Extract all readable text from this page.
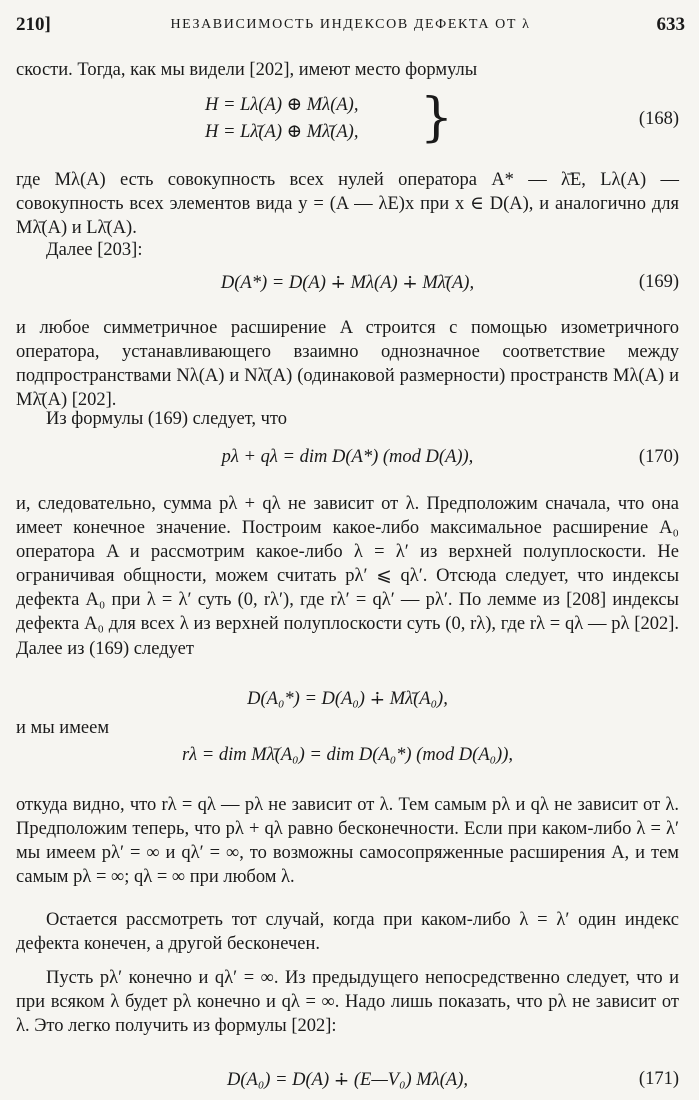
210]	НЕЗАВИСИМОСТЬ ИНДЕКСОВ ДЕФЕКТА ОТ λ	633

скости. Тогда, как мы видели [202], имеют место формулы

H = Lλ(A) ⊕ Mλ(A),
H = Lλ̄(A) ⊕ Mλ̄(A),	}	(168)

где Mλ(A) есть совокупность всех нулей оператора A* — λ̄E, Lλ(A) — совокупность всех элементов вида y = (A — λE)x при x ∈ D(A), и аналогично для Mλ̄(A) и Lλ̄(A).

Далее [203]:

D(A*) = D(A) ∔ Mλ(A) ∔ Mλ̄(A),	(169)

и любое симметричное расширение A строится с помощью изометричного оператора, устанавливающего взаимно однозначное соответствие между подпространствами Nλ(A) и Nλ̄(A) (одинаковой размерности) пространств Mλ(A) и Mλ̄(A) [202].

Из формулы (169) следует, что

pλ + qλ = dim D(A*) (mod D(A)),	(170)

и, следовательно, сумма pλ + qλ не зависит от λ. Предположим сначала, что она имеет конечное значение. Построим какое-либо максимальное расширение A₀ оператора A и рассмотрим какое-либо λ = λ′ из верхней полуплоскости. Не ограничивая общности, можем считать pλ′ ⩽ qλ′. Отсюда следует, что индексы дефекта A₀ при λ = λ′ суть (0, rλ′), где rλ′ = qλ′ — pλ′. По лемме из [208] индексы дефекта A₀ для всех λ из верхней полуплоскости суть (0, rλ), где rλ = qλ — pλ [202]. Далее из (169) следует

D(A₀*) = D(A₀) ∔ Mλ̄(A₀),

и мы имеем

rλ = dim Mλ̄(A₀) = dim D(A₀*) (mod D(A₀)),

откуда видно, что rλ = qλ — pλ не зависит от λ. Тем самым pλ и qλ не зависит от λ. Предположим теперь, что pλ + qλ равно бесконечности. Если при каком-либо λ = λ′ мы имеем pλ′ = ∞ и qλ′ = ∞, то возможны самосопряженные расширения A, и тем самым pλ = ∞; qλ = ∞ при любом λ.

Остается рассмотреть тот случай, когда при каком-либо λ = λ′ один индекс дефекта конечен, а другой бесконечен.

Пусть pλ′ конечно и qλ′ = ∞. Из предыдущего непосредственно следует, что и при всяком λ будет pλ конечно и qλ = ∞. Надо лишь показать, что pλ не зависит от λ. Это легко получить из формулы [202]:

D(A₀) = D(A) ∔ (E—V₀) Mλ(A),	(171)
